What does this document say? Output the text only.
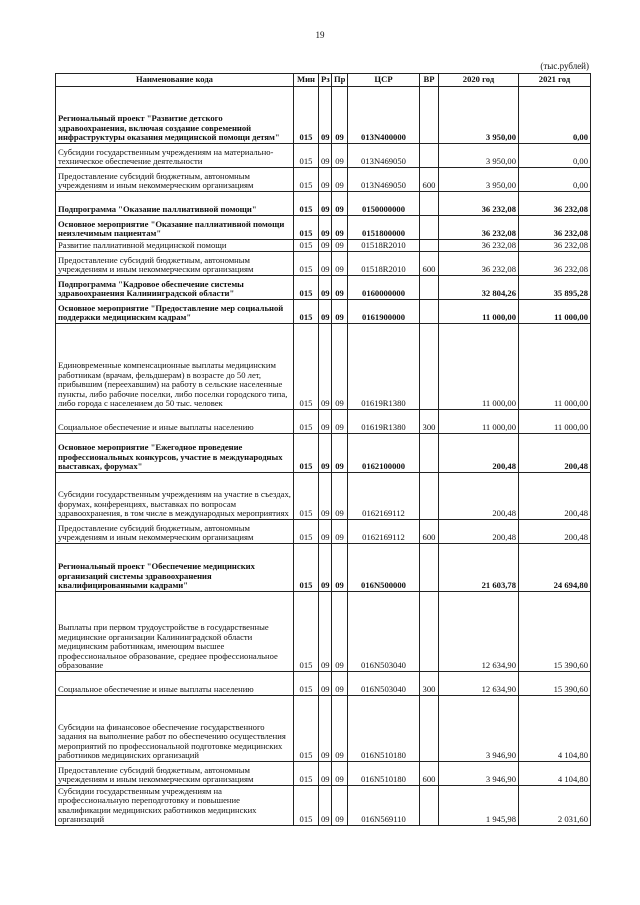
19
(тыс.рублей)
Наименование кода	Мин	Рз	Пр	ЦСР	ВР	2020 год	2021 год
Региональный проект "Развитие детского здравоохранения, включая создание современной инфраструктуры оказания медицинской помощи детям"	015	09	09	013N400000		3 950,00	0,00
Субсидии государственным учреждениям на материально-техническое обеспечение деятельности	015	09	09	013N469050		3 950,00	0,00
Предоставление субсидий бюджетным, автономным учреждениям и иным некоммерческим организациям	015	09	09	013N469050	600	3 950,00	0,00
Подпрограмма "Оказание паллиативной помощи"	015	09	09	0150000000		36 232,08	36 232,08
Основное мероприятие "Оказание паллиативной помощи неизлечимым пациентам"	015	09	09	0151800000		36 232,08	36 232,08
Развитие паллиативной медицинской помощи	015	09	09	01518R2010		36 232,08	36 232,08
Предоставление субсидий бюджетным, автономным учреждениям и иным некоммерческим организациям	015	09	09	01518R2010	600	36 232,08	36 232,08
Подпрограмма "Кадровое обеспечение системы здравоохранения Калининградской области"	015	09	09	0160000000		32 804,26	35 895,28
Основное мероприятие "Предоставление мер социальной поддержки медицинским кадрам"	015	09	09	0161900000		11 000,00	11 000,00
Единовременные компенсационные выплаты медицинским работникам (врачам, фельдшерам) в возрасте до 50 лет, прибывшим (переехавшим) на работу в сельские населенные пункты, либо рабочие поселки, либо поселки городского типа, либо города с населением до 50 тыс. человек	015	09	09	01619R1380		11 000,00	11 000,00
Социальное обеспечение и иные выплаты населению	015	09	09	01619R1380	300	11 000,00	11 000,00
Основное мероприятие "Ежегодное проведение профессиональных конкурсов, участие в международных выставках, форумах"	015	09	09	0162100000		200,48	200,48
Субсидии государственным учреждениям на участие в съездах, форумах, конференциях, выставках по вопросам здравоохранения, в том числе в международных мероприятиях	015	09	09	0162169112		200,48	200,48
Предоставление субсидий бюджетным, автономным учреждениям и иным некоммерческим организациям	015	09	09	0162169112	600	200,48	200,48
Региональный проект "Обеспечение медицинских организаций системы здравоохранения квалифицированными кадрами"	015	09	09	016N500000		21 603,78	24 694,80
Выплаты при первом трудоустройстве в государственные медицинские организации Калининградской области медицинским работникам, имеющим высшее профессиональное образование, среднее профессиональное образование	015	09	09	016N503040		12 634,90	15 390,60
Социальное обеспечение и иные выплаты населению	015	09	09	016N503040	300	12 634,90	15 390,60
Субсидии на финансовое обеспечение государственного задания на выполнение работ по обеспечению осуществления мероприятий по профессиональной подготовке медицинских работников медицинских организаций	015	09	09	016N510180		3 946,90	4 104,80
Предоставление субсидий бюджетным, автономным учреждениям и иным некоммерческим организациям	015	09	09	016N510180	600	3 946,90	4 104,80
Субсидии государственным учреждениям на профессиональную переподготовку и повышение квалификации медицинских работников медицинских организаций	015	09	09	016N569110		1 945,98	2 031,60
